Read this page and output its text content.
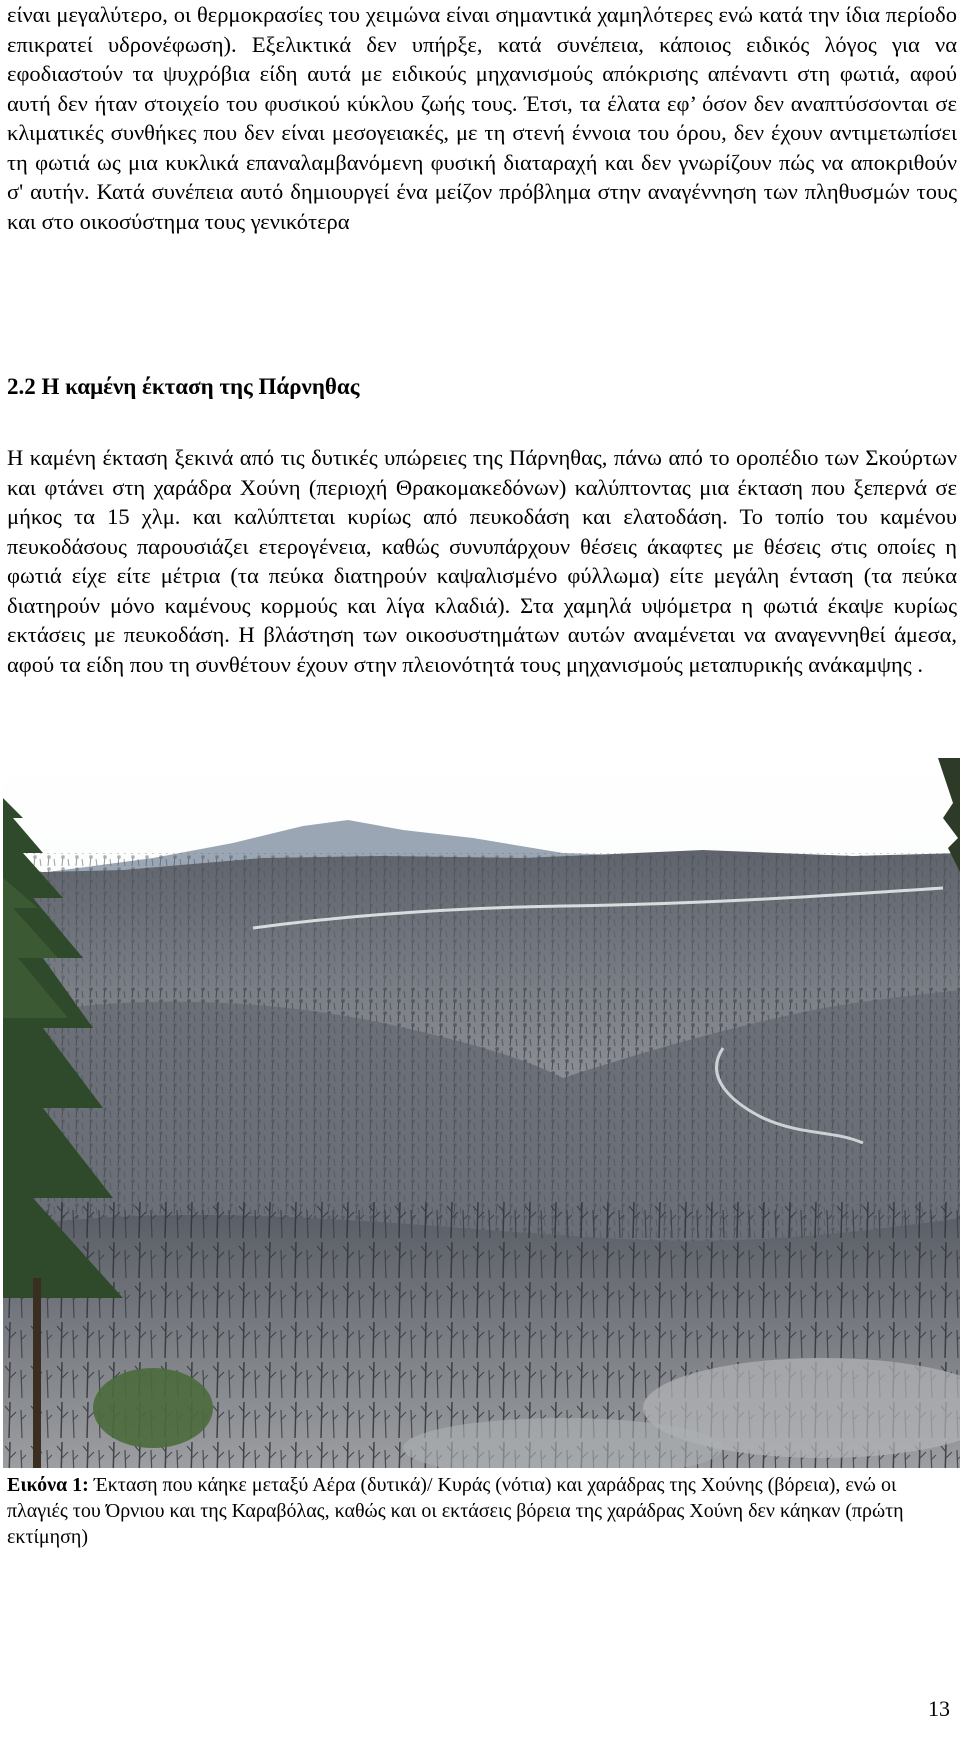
είναι μεγαλύτερο, οι θερμοκρασίες του χειμώνα είναι σημαντικά χαμηλότερες ενώ κατά την ίδια περίοδο επικρατεί υδρονέφωση). Εξελικτικά δεν υπήρξε, κατά συνέπεια, κάποιος ειδικός λόγος για να εφοδιαστούν τα ψυχρόβια είδη αυτά με ειδικούς μηχανισμούς απόκρισης απέναντι στη φωτιά, αφού αυτή δεν ήταν στοιχείο του φυσικού κύκλου ζωής τους. Έτσι, τα έλατα εφ’ όσον δεν αναπτύσσονται σε κλιματικές συνθήκες που δεν είναι μεσογειακές, με τη στενή έννοια του όρου, δεν έχουν αντιμετωπίσει τη φωτιά ως μια κυκλικά επαναλαμβανόμενη φυσική διαταραχή και δεν γνωρίζουν πώς να αποκριθούν σ' αυτήν. Κατά συνέπεια αυτό δημιουργεί ένα μείζον πρόβλημα στην αναγέννηση των πληθυσμών τους και στο οικοσύστημα τους γενικότερα

2.2 Η καμένη έκταση της Πάρνηθας

Η καμένη έκταση ξεκινά από τις δυτικές υπώρειες της Πάρνηθας, πάνω από το οροπέδιο των Σκούρτων και φτάνει στη χαράδρα Χούνη (περιοχή Θρακομακεδόνων) καλύπτοντας μια έκταση που ξεπερνά σε μήκος τα 15 χλμ. και καλύπτεται κυρίως από πευκοδάση και ελατοδάση. Το τοπίο του καμένου πευκοδάσους παρουσιάζει ετερογένεια, καθώς συνυπάρχουν θέσεις άκαφτες με θέσεις στις οποίες η φωτιά είχε είτε μέτρια (τα πεύκα διατηρούν καψαλισμένο φύλλωμα) είτε μεγάλη ένταση (τα πεύκα διατηρούν μόνο καμένους κορμούς και λίγα κλαδιά). Στα χαμηλά υψόμετρα η φωτιά έκαψε κυρίως εκτάσεις με πευκοδάση. Η βλάστηση των οικοσυστημάτων αυτών αναμένεται να αναγεννηθεί άμεσα, αφού τα είδη που τη συνθέτουν έχουν στην πλειονότητά τους μηχανισμούς μεταπυρικής ανάκαμψης .

Εικόνα 1: Έκταση που κάηκε μεταξύ Αέρα (δυτικά)/ Κυράς (νότια) και χαράδρας της Χούνης (βόρεια), ενώ οι πλαγιές του Όρνιου και της Καραβόλας, καθώς και οι εκτάσεις βόρεια της χαράδρας Χούνη δεν κάηκαν (πρώτη εκτίμηση)

13
